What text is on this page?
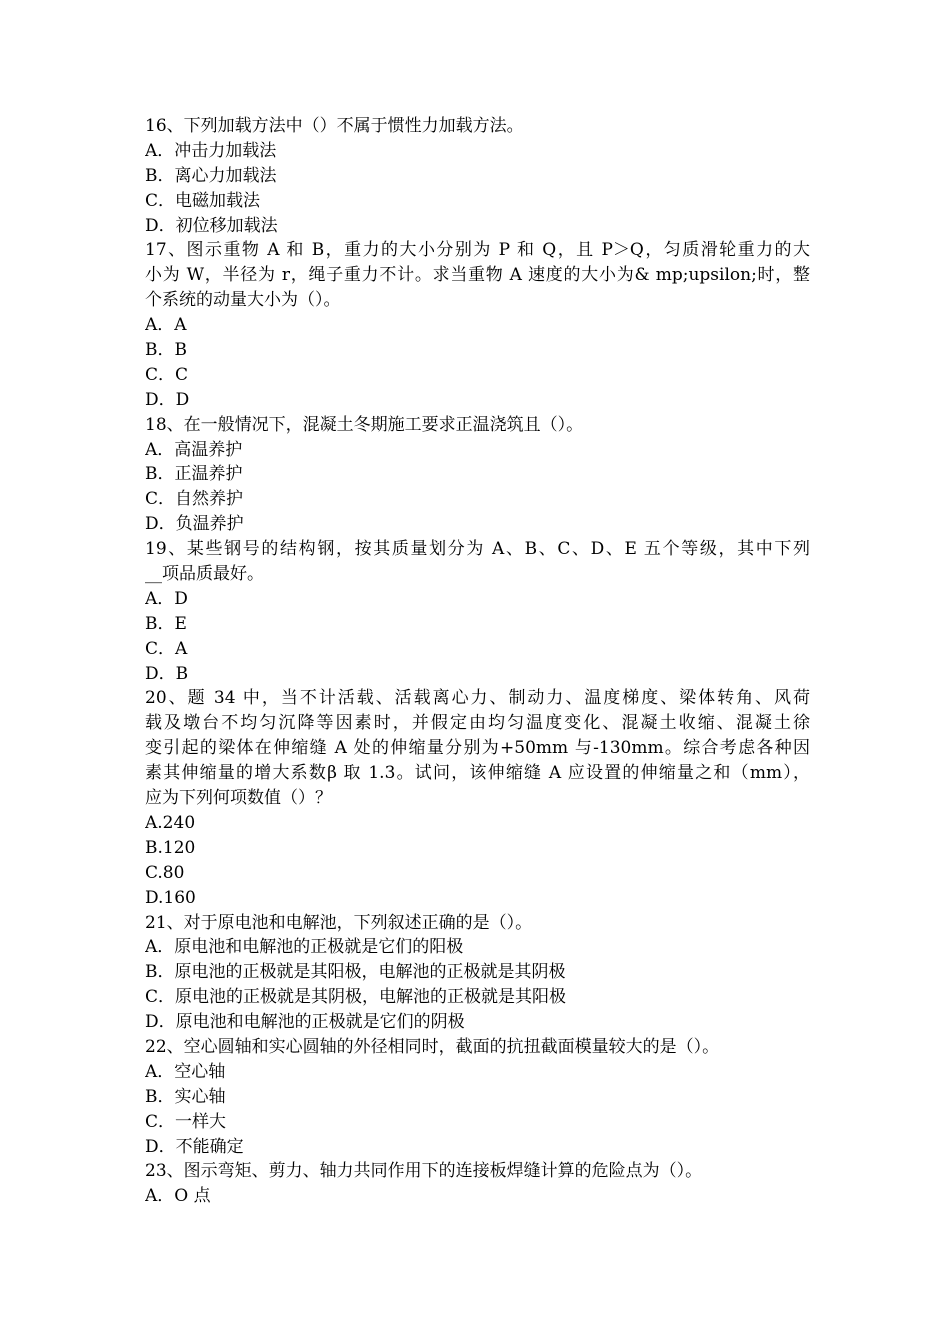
16、下列加载方法中（）不属于惯性力加载方法。
A．冲击力加载法
B．离心力加载法
C．电磁加载法
D．初位移加载法
17、图示重物 A 和 B，重力的大小分别为 P 和 Q，且 P＞Q，匀质滑轮重力的大
小为 W，半径为 r，绳子重力不计。求当重物 A 速度的大小为& mp;upsilon;时，整
个系统的动量大小为（）。
A．A
B．B
C．C
D．D
18、在一般情况下，混凝土冬期施工要求正温浇筑且（）。
A．高温养护
B．正温养护
C．自然养护
D．负温养护
19、某些钢号的结构钢，按其质量划分为 A、B、C、D、E 五个等级，其中下列
__项品质最好。
A．D
B．E
C．A
D．B
20、题 34 中，当不计活载、活载离心力、制动力、温度梯度、梁体转角、风荷
载及墩台不均匀沉降等因素时，并假定由均匀温度变化、混凝土收缩、混凝土徐
变引起的梁体在伸缩缝 A 处的伸缩量分别为+50mm 与-130mm。综合考虑各种因
素其伸缩量的增大系数β 取 1.3。试问，该伸缩缝 A 应设置的伸缩量之和（mm），
应为下列何项数值（）？
A.240
B.120
C.80
D.160
21、对于原电池和电解池，下列叙述正确的是（）。
A．原电池和电解池的正极就是它们的阳极
B．原电池的正极就是其阳极，电解池的正极就是其阴极
C．原电池的正极就是其阴极，电解池的正极就是其阳极
D．原电池和电解池的正极就是它们的阴极
22、空心圆轴和实心圆轴的外径相同时，截面的抗扭截面模量较大的是（）。
A．空心轴
B．实心轴
C．一样大
D．不能确定
23、图示弯矩、剪力、轴力共同作用下的连接板焊缝计算的危险点为（）。
A．O 点
